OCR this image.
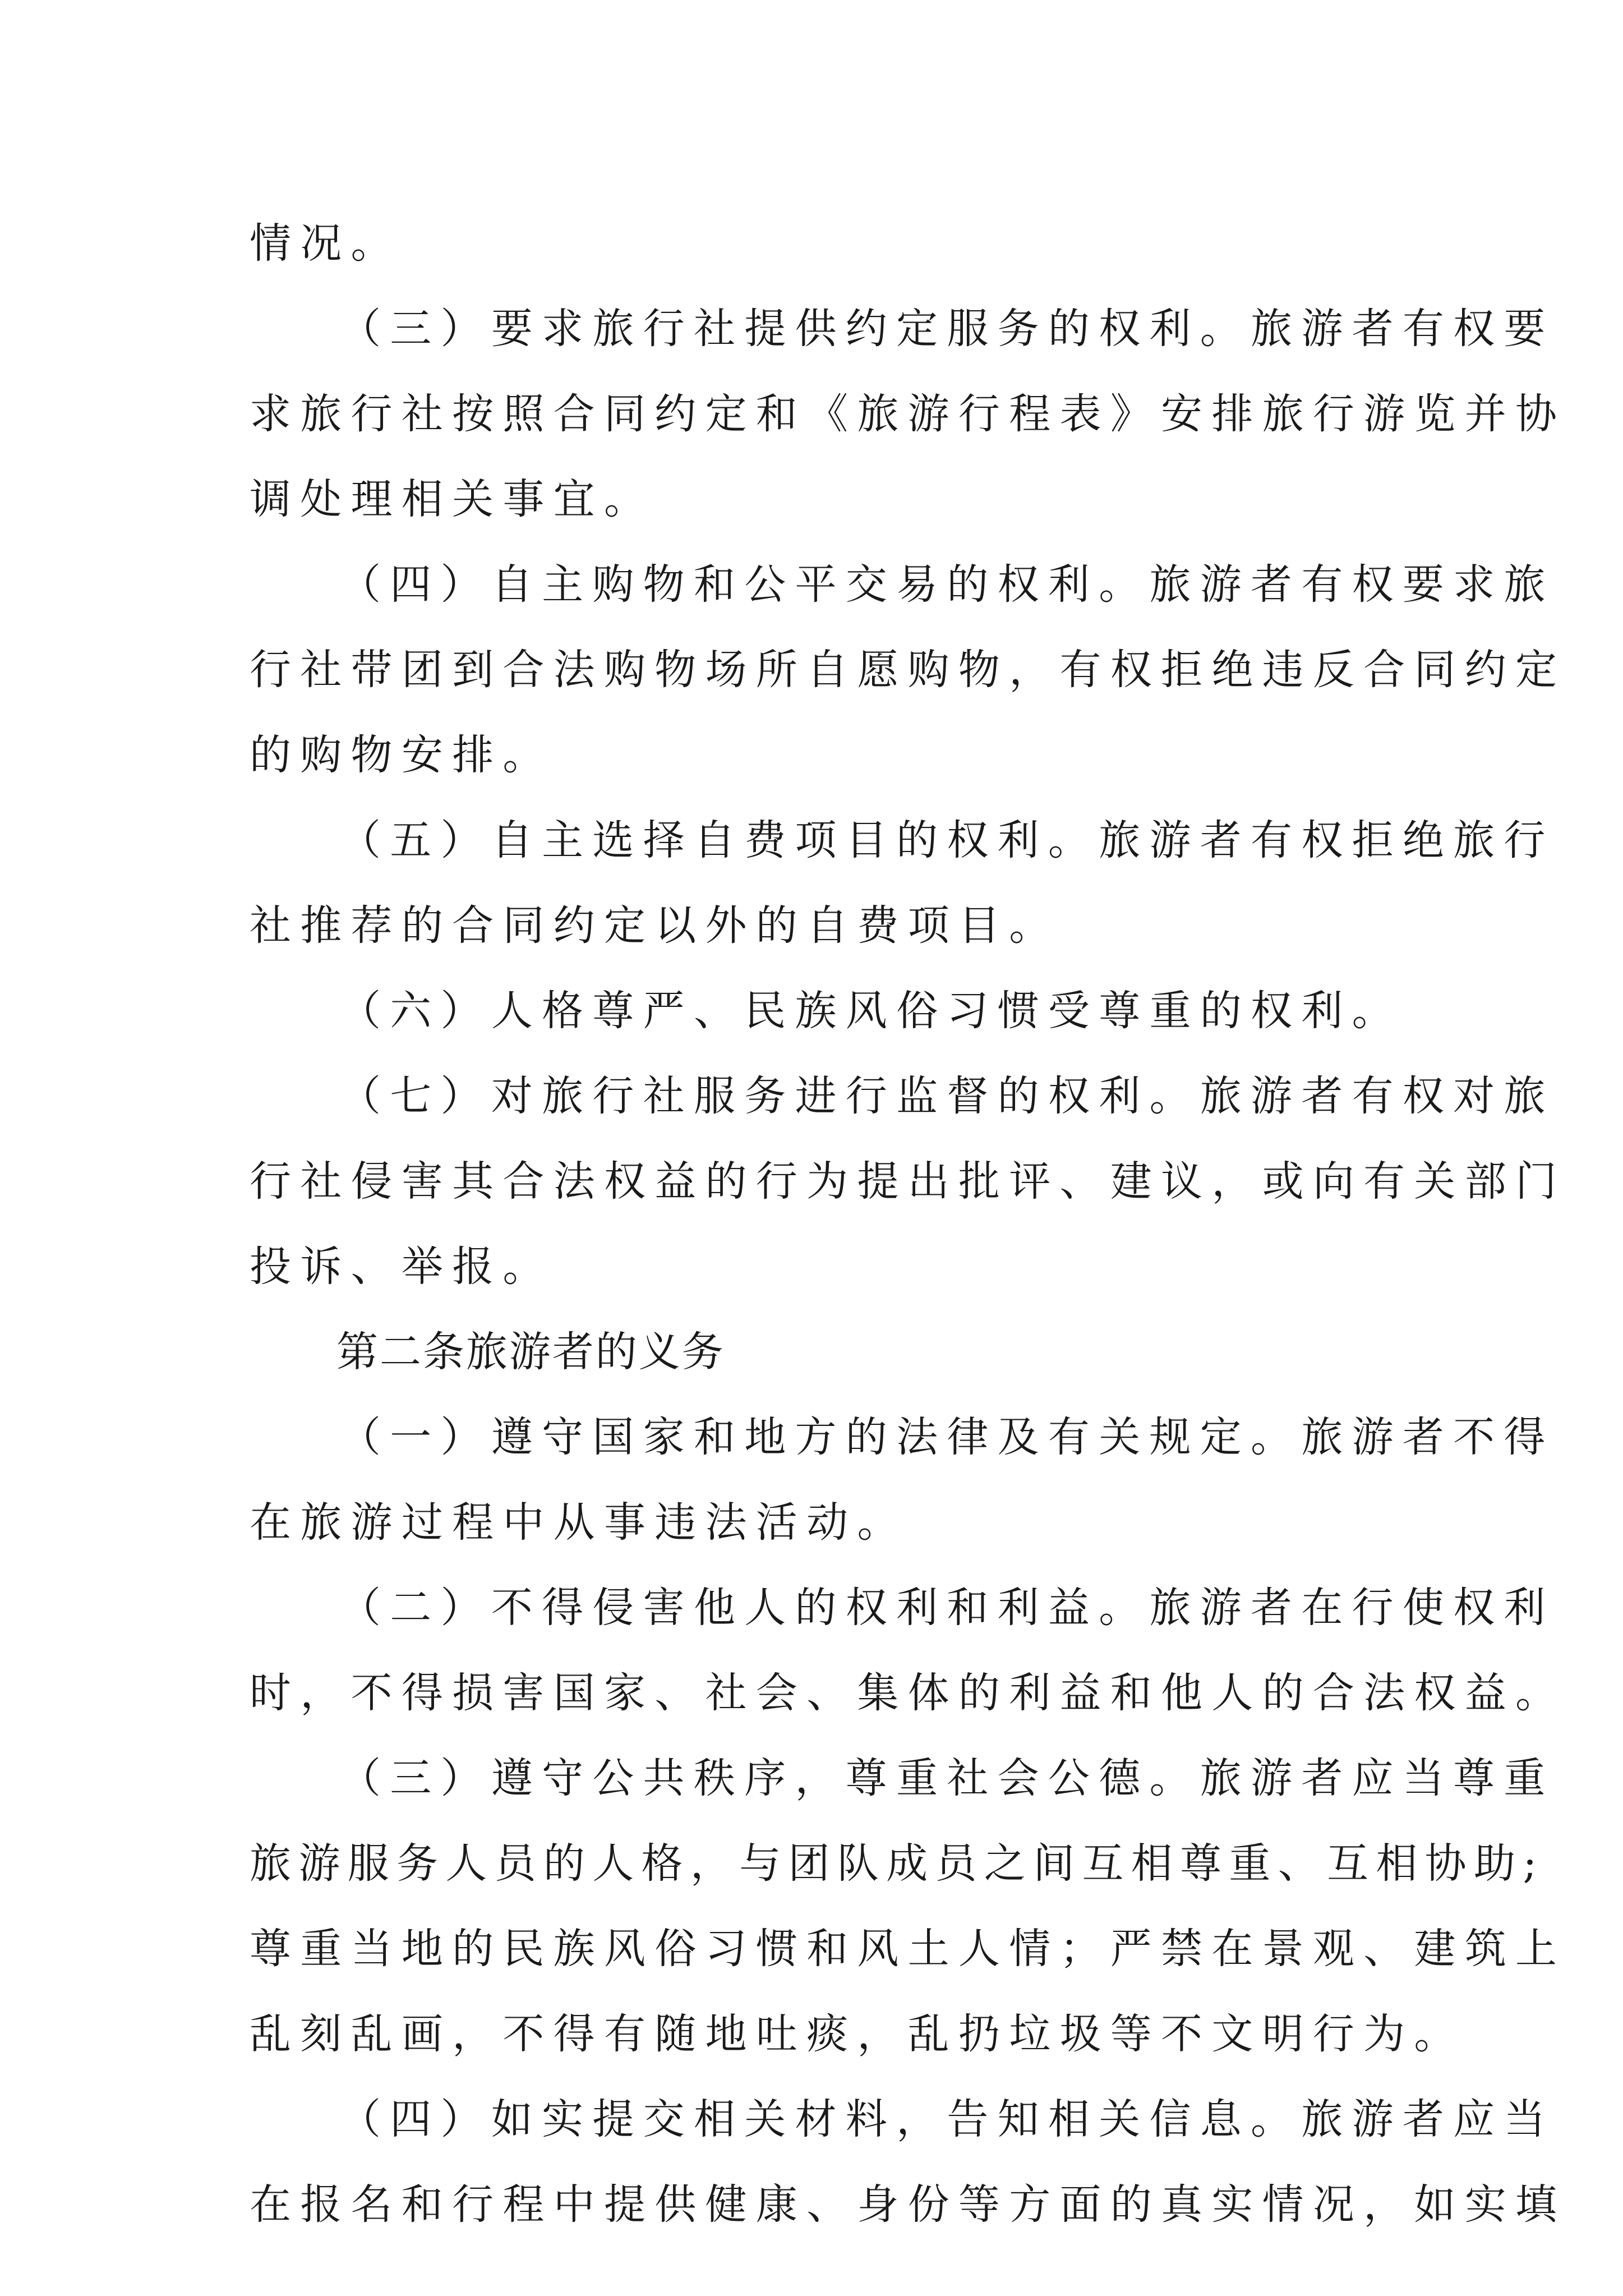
情况。
（三）要求旅行社提供约定服务的权利。旅游者有权要
求旅行社按照合同约定和《旅游行程表》安排旅行游览并协
调处理相关事宜。
（四）自主购物和公平交易的权利。旅游者有权要求旅
行社带团到合法购物场所自愿购物，有权拒绝违反合同约定
的购物安排。
（五）自主选择自费项目的权利。旅游者有权拒绝旅行
社推荐的合同约定以外的自费项目。
（六）人格尊严、民族风俗习惯受尊重的权利。
（七）对旅行社服务进行监督的权利。旅游者有权对旅
行社侵害其合法权益的行为提出批评、建议，或向有关部门
投诉、举报。
第二条旅游者的义务
（一）遵守国家和地方的法律及有关规定。旅游者不得
在旅游过程中从事违法活动。
（二）不得侵害他人的权利和利益。旅游者在行使权利
时，不得损害国家、社会、集体的利益和他人的合法权益。
（三）遵守公共秩序，尊重社会公德。旅游者应当尊重
旅游服务人员的人格，与团队成员之间互相尊重、互相协助;
尊重当地的民族风俗习惯和风土人情；严禁在景观、建筑上
乱刻乱画，不得有随地吐痰，乱扔垃圾等不文明行为。
（四）如实提交相关材料，告知相关信息。旅游者应当
在报名和行程中提供健康、身份等方面的真实情况，如实填
